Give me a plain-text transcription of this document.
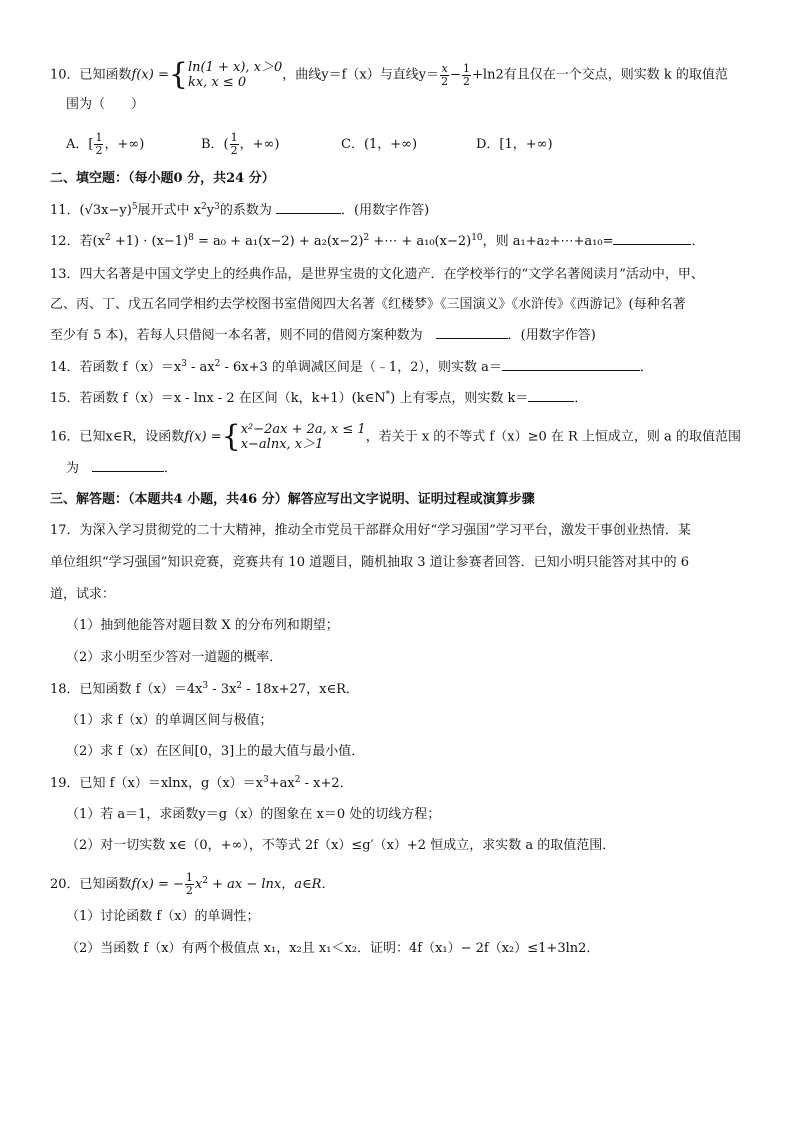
10．已知函数f(x) ={ ln(1 + x), x＞0
kx, x ≤ 0	，曲线y＝f（x）与直线$y= \frac{x}{2} - \frac{1}{2} +\ln 2$有且仅在一个交点，则实数 k 的取值范
围为（　　）
A．[ $\frac{1}{2}$ ，+∞)	B．( $\frac{1}{2}$ ，+∞)	C．(1，+∞)	D．[1，+∞)
二、填空题：（每小题0 分，共24 分）
11．$(√3x-y)^5$展开式中 $x^2y^3$的系数为	．(用数字作答)
12．若$(x^2 +1) \cdot (x-1)^8 = a_0 + a_1(x-2) + a_2(x-2)^2$ +⋯ + $a_{10}(x-2)^{10}$，则 a₁+a₂+⋯+a₁₀=	．
13．四大名著是中国文学史上的经典作品，是世界宝贵的文化遗产．在学校举行的“文学名著阅读月”活动中，甲、
乙、丙、丁、戊五名同学相约去学校图书室借阅四大名著《红楼梦》《三国演义》《水浒传》《西游记》(每种名著
至少有 5 本)，若每人只借阅一本名著，则不同的借阅方案种数为　	．(用数字作答)
14．若函数 $f(x)=x^3 - ax^2 - 6x+3$ 的单调减区间是（﹣1，2），则实数 a＝	．
15．若函数 f（x）＝x - lnx - 2 在区间（k，k+1）(k∈N*) 上有零点，则实数 k＝	．
16．已知x∈R，设函数f(x) ={ x²−2ax + 2a, x ≤ 1
x−alnx, x＞1	，若关于 x 的不等式 f（x）≥0 在 R 上恒成立，则 a 的取值范围
为　	．
三、解答题：（本题共4 小题，共46 分）解答应写出文字说明、证明过程或演算步骤
17．为深入学习贯彻党的二十大精神，推动全市党员干部群众用好“学习强国”学习平台，激发干事创业热情．某
单位组织“学习强国”知识竞赛，竞赛共有 10 道题目，随机抽取 3 道让参赛者回答．已知小明只能答对其中的 6
道，试求：
（1）抽到他能答对题目数 X 的分布列和期望；
（2）求小明至少答对一道题的概率．
18．已知函数 $f(x)=4x^3 - 3x^2 - 18x+27$，x∈R．
（1）求 f（x）的单调区间与极值；
（2）求 f（x）在区间[0，3]上的最大值与最小值．
19．已知 f（x）＝xlnx，$g(x)=x^3+ax^2 - x+2$．
（1）若 a＝1，求函数y＝g（x）的图象在 x＝0 处的切线方程；
（2）对一切实数 x∈（0，+∞），不等式 2f（x）≤g′（x）+2 恒成立，求实数 a 的取值范围．
20．已知函数f(x) = − $\frac{1}{2} x^2$ + ax − lnx，a∈R．
（1）讨论函数 f（x）的单调性；
（2）当函数 f（x）有两个极值点 x₁，x₂且 x₁＜x₂．证明：4f（x₁）− 2f（x₂）≤1+3ln2．
